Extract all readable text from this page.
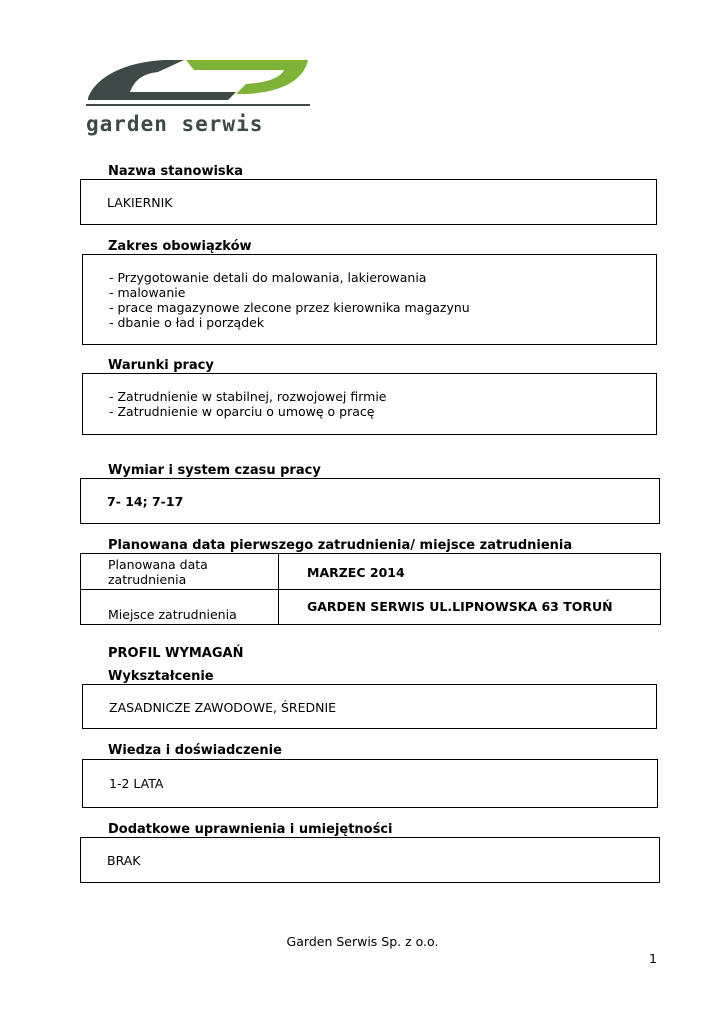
garden serwis
Nazwa stanowiska
LAKIERNIK
Zakres obowiązków
- Przygotowanie detali do malowania, lakierowania
- malowanie
- prace magazynowe zlecone przez kierownika magazynu
- dbanie o ład i porządek
Warunki pracy
- Zatrudnienie w stabilnej, rozwojowej firmie
- Zatrudnienie w oparciu o umowę o pracę
Wymiar i system czasu pracy
7- 14; 7-17
Planowana data pierwszego zatrudnienia/ miejsce zatrudnienia
Planowana data
zatrudnienia	MARZEC 2014
Miejsce zatrudnienia
GARDEN SERWIS UL.LIPNOWSKA 63 TORUŃ
PROFIL WYMAGAŃ
Wykształcenie
ZASADNICZE ZAWODOWE, ŚREDNIE
Wiedza i doświadczenie
1-2 LATA
Dodatkowe uprawnienia i umiejętności
BRAK
Garden Serwis Sp. z o.o.
1
